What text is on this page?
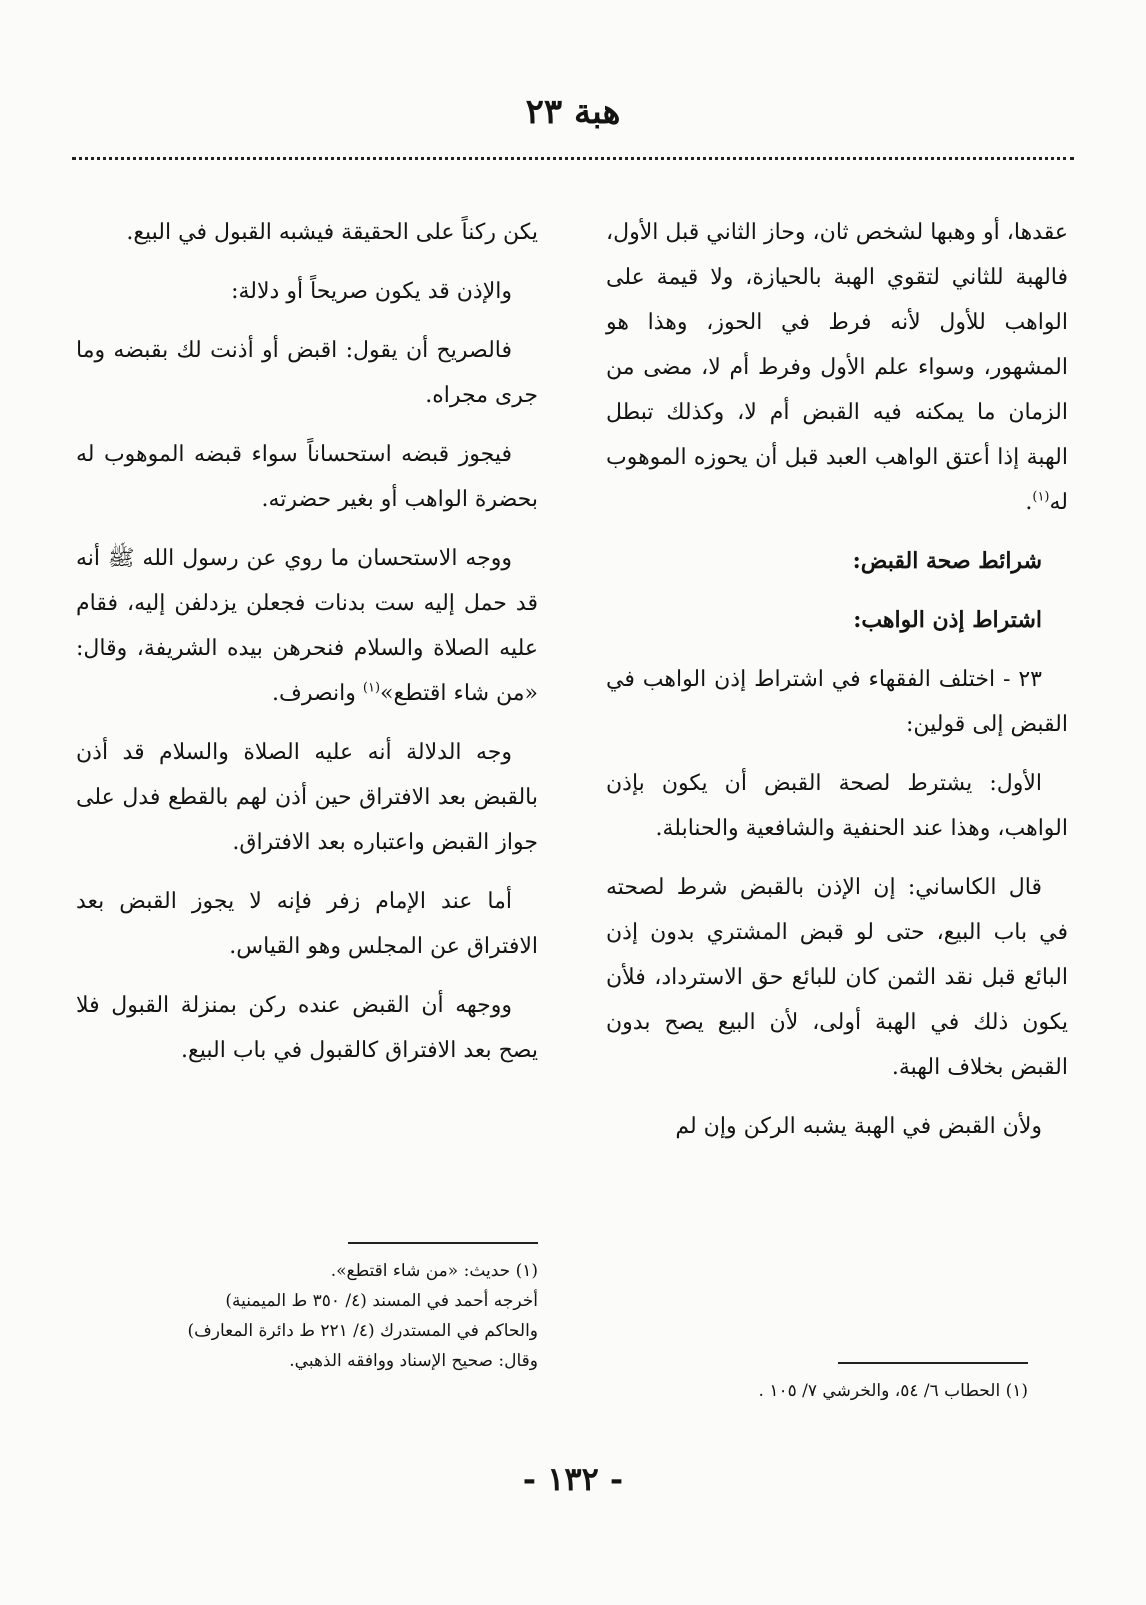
هبة ٢٣

عقدها، أو وهبها لشخص ثان، وحاز الثاني قبل الأول، فالهبة للثاني لتقوي الهبة بالحيازة، ولا قيمة على الواهب للأول لأنه فرط في الحوز، وهذا هو المشهور، وسواء علم الأول وفرط أم لا، مضى من الزمان ما يمكنه فيه القبض أم لا، وكذلك تبطل الهبة إذا أعتق الواهب العبد قبل أن يحوزه الموهوب له$^{(١)}$.

شرائط صحة القبض:

اشتراط إذن الواهب:

٢٣ - اختلف الفقهاء في اشتراط إذن الواهب في القبض إلى قولين:

الأول: يشترط لصحة القبض أن يكون بإذن الواهب، وهذا عند الحنفية والشافعية والحنابلة.

قال الكاساني: إن الإذن بالقبض شرط لصحته في باب البيع، حتى لو قبض المشتري بدون إذن البائع قبل نقد الثمن كان للبائع حق الاسترداد، فلأن يكون ذلك في الهبة أولى، لأن البيع يصح بدون القبض بخلاف الهبة.

ولأن القبض في الهبة يشبه الركن وإن لم

(١) الحطاب ٦/ ٥٤، والخرشي ٧/ ١٠٥ .

يكن ركناً على الحقيقة فيشبه القبول في البيع.

والإذن قد يكون صريحاً أو دلالة:

فالصريح أن يقول: اقبض أو أذنت لك بقبضه وما جرى مجراه.

فيجوز قبضه استحساناً سواء قبضه الموهوب له بحضرة الواهب أو بغير حضرته.

ووجه الاستحسان ما روي عن رسول الله ﷺ أنه قد حمل إليه ست بدنات فجعلن يزدلفن إليه، فقام عليه الصلاة والسلام فنحرهن بيده الشريفة، وقال: «من شاء اقتطع»$^{(١)}$ وانصرف.

وجه الدلالة أنه عليه الصلاة والسلام قد أذن بالقبض بعد الافتراق حين أذن لهم بالقطع فدل على جواز القبض واعتباره بعد الافتراق.

أما عند الإمام زفر فإنه لا يجوز القبض بعد الافتراق عن المجلس وهو القياس.

ووجهه أن القبض عنده ركن بمنزلة القبول فلا يصح بعد الافتراق كالقبول في باب البيع.

(١) حديث: «من شاء اقتطع».

أخرجه أحمد في المسند (٤/ ٣٥٠ ط الميمنية)

والحاكم في المستدرك (٤/ ٢٢١ ط دائرة المعارف)

وقال: صحيح الإسناد ووافقه الذهبي.

- ١٣٢ -
